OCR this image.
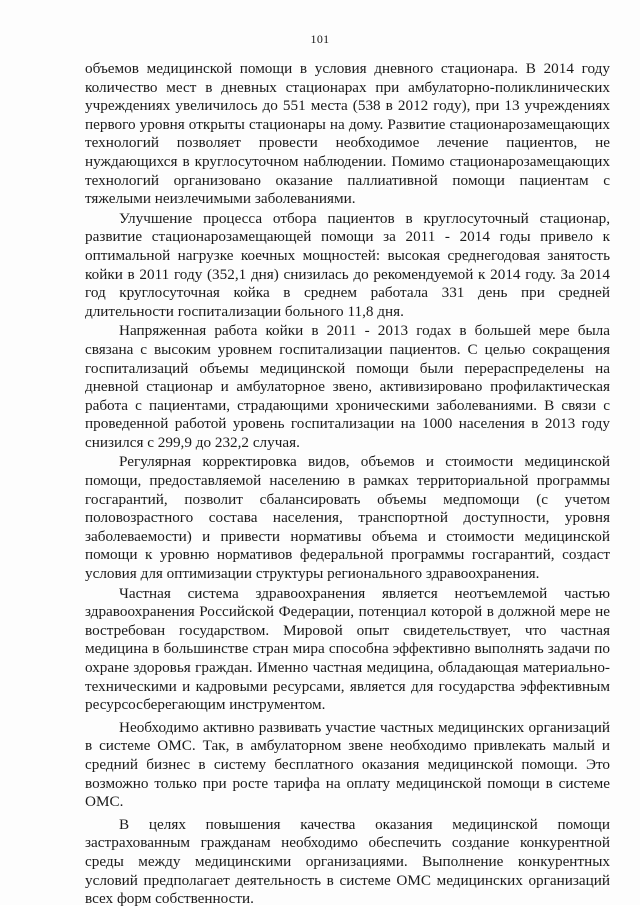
101

объемов медицинской помощи в условия дневного стационара. В 2014 году количество мест в дневных стационарах при амбулаторно-поликлинических учреждениях увеличилось до 551 места (538 в 2012 году), при 13 учреждениях первого уровня открыты стационары на дому. Развитие стационарозамещающих технологий позволяет провести необходимое лечение пациентов, не нуждающихся в круглосуточном наблюдении. Помимо стационарозамещающих технологий организовано оказание паллиативной помощи пациентам с тяжелыми неизлечимыми заболеваниями.

Улучшение процесса отбора пациентов в круглосуточный стационар, развитие стационарозамещающей помощи за 2011 - 2014 годы привело к оптимальной нагрузке коечных мощностей: высокая среднегодовая занятость койки в 2011 году (352,1 дня) снизилась до рекомендуемой к 2014 году. За 2014 год круглосуточная койка в среднем работала 331 день при средней длительности госпитализации больного 11,8 дня.

Напряженная работа койки в 2011 - 2013 годах в большей мере была связана с высоким уровнем госпитализации пациентов. С целью сокращения госпитализаций объемы медицинской помощи были перераспределены на дневной стационар и амбулаторное звено, активизировано профилактическая работа с пациентами, страдающими хроническими заболеваниями. В связи с проведенной работой уровень госпитализации на 1000 населения в 2013 году снизился с 299,9 до 232,2 случая.

Регулярная корректировка видов, объемов и стоимости медицинской помощи, предоставляемой населению в рамках территориальной программы госгарантий, позволит сбалансировать объемы медпомощи (с учетом половозрастного состава населения, транспортной доступности, уровня заболеваемости) и привести нормативы объема и стоимости медицинской помощи к уровню нормативов федеральной программы госгарантий, создаст условия для оптимизации структуры регионального здравоохранения.

Частная система здравоохранения является неотъемлемой частью здравоохранения Российской Федерации, потенциал которой в должной мере не востребован государством. Мировой опыт свидетельствует, что частная медицина в большинстве стран мира способна эффективно выполнять задачи по охране здоровья граждан. Именно частная медицина, обладающая материально-техническими и кадровыми ресурсами, является для государства эффективным ресурсосберегающим инструментом.

Необходимо активно развивать участие частных медицинских организаций в системе ОМС. Так, в амбулаторном звене необходимо привлекать малый и средний бизнес в систему бесплатного оказания медицинской помощи. Это возможно только при росте тарифа на оплату медицинской помощи в системе ОМС.

В целях повышения качества оказания медицинской помощи застрахованным гражданам необходимо обеспечить создание конкурентной среды между медицинскими организациями. Выполнение конкурентных условий предполагает деятельность в системе ОМС медицинских организаций всех форм собственности.
